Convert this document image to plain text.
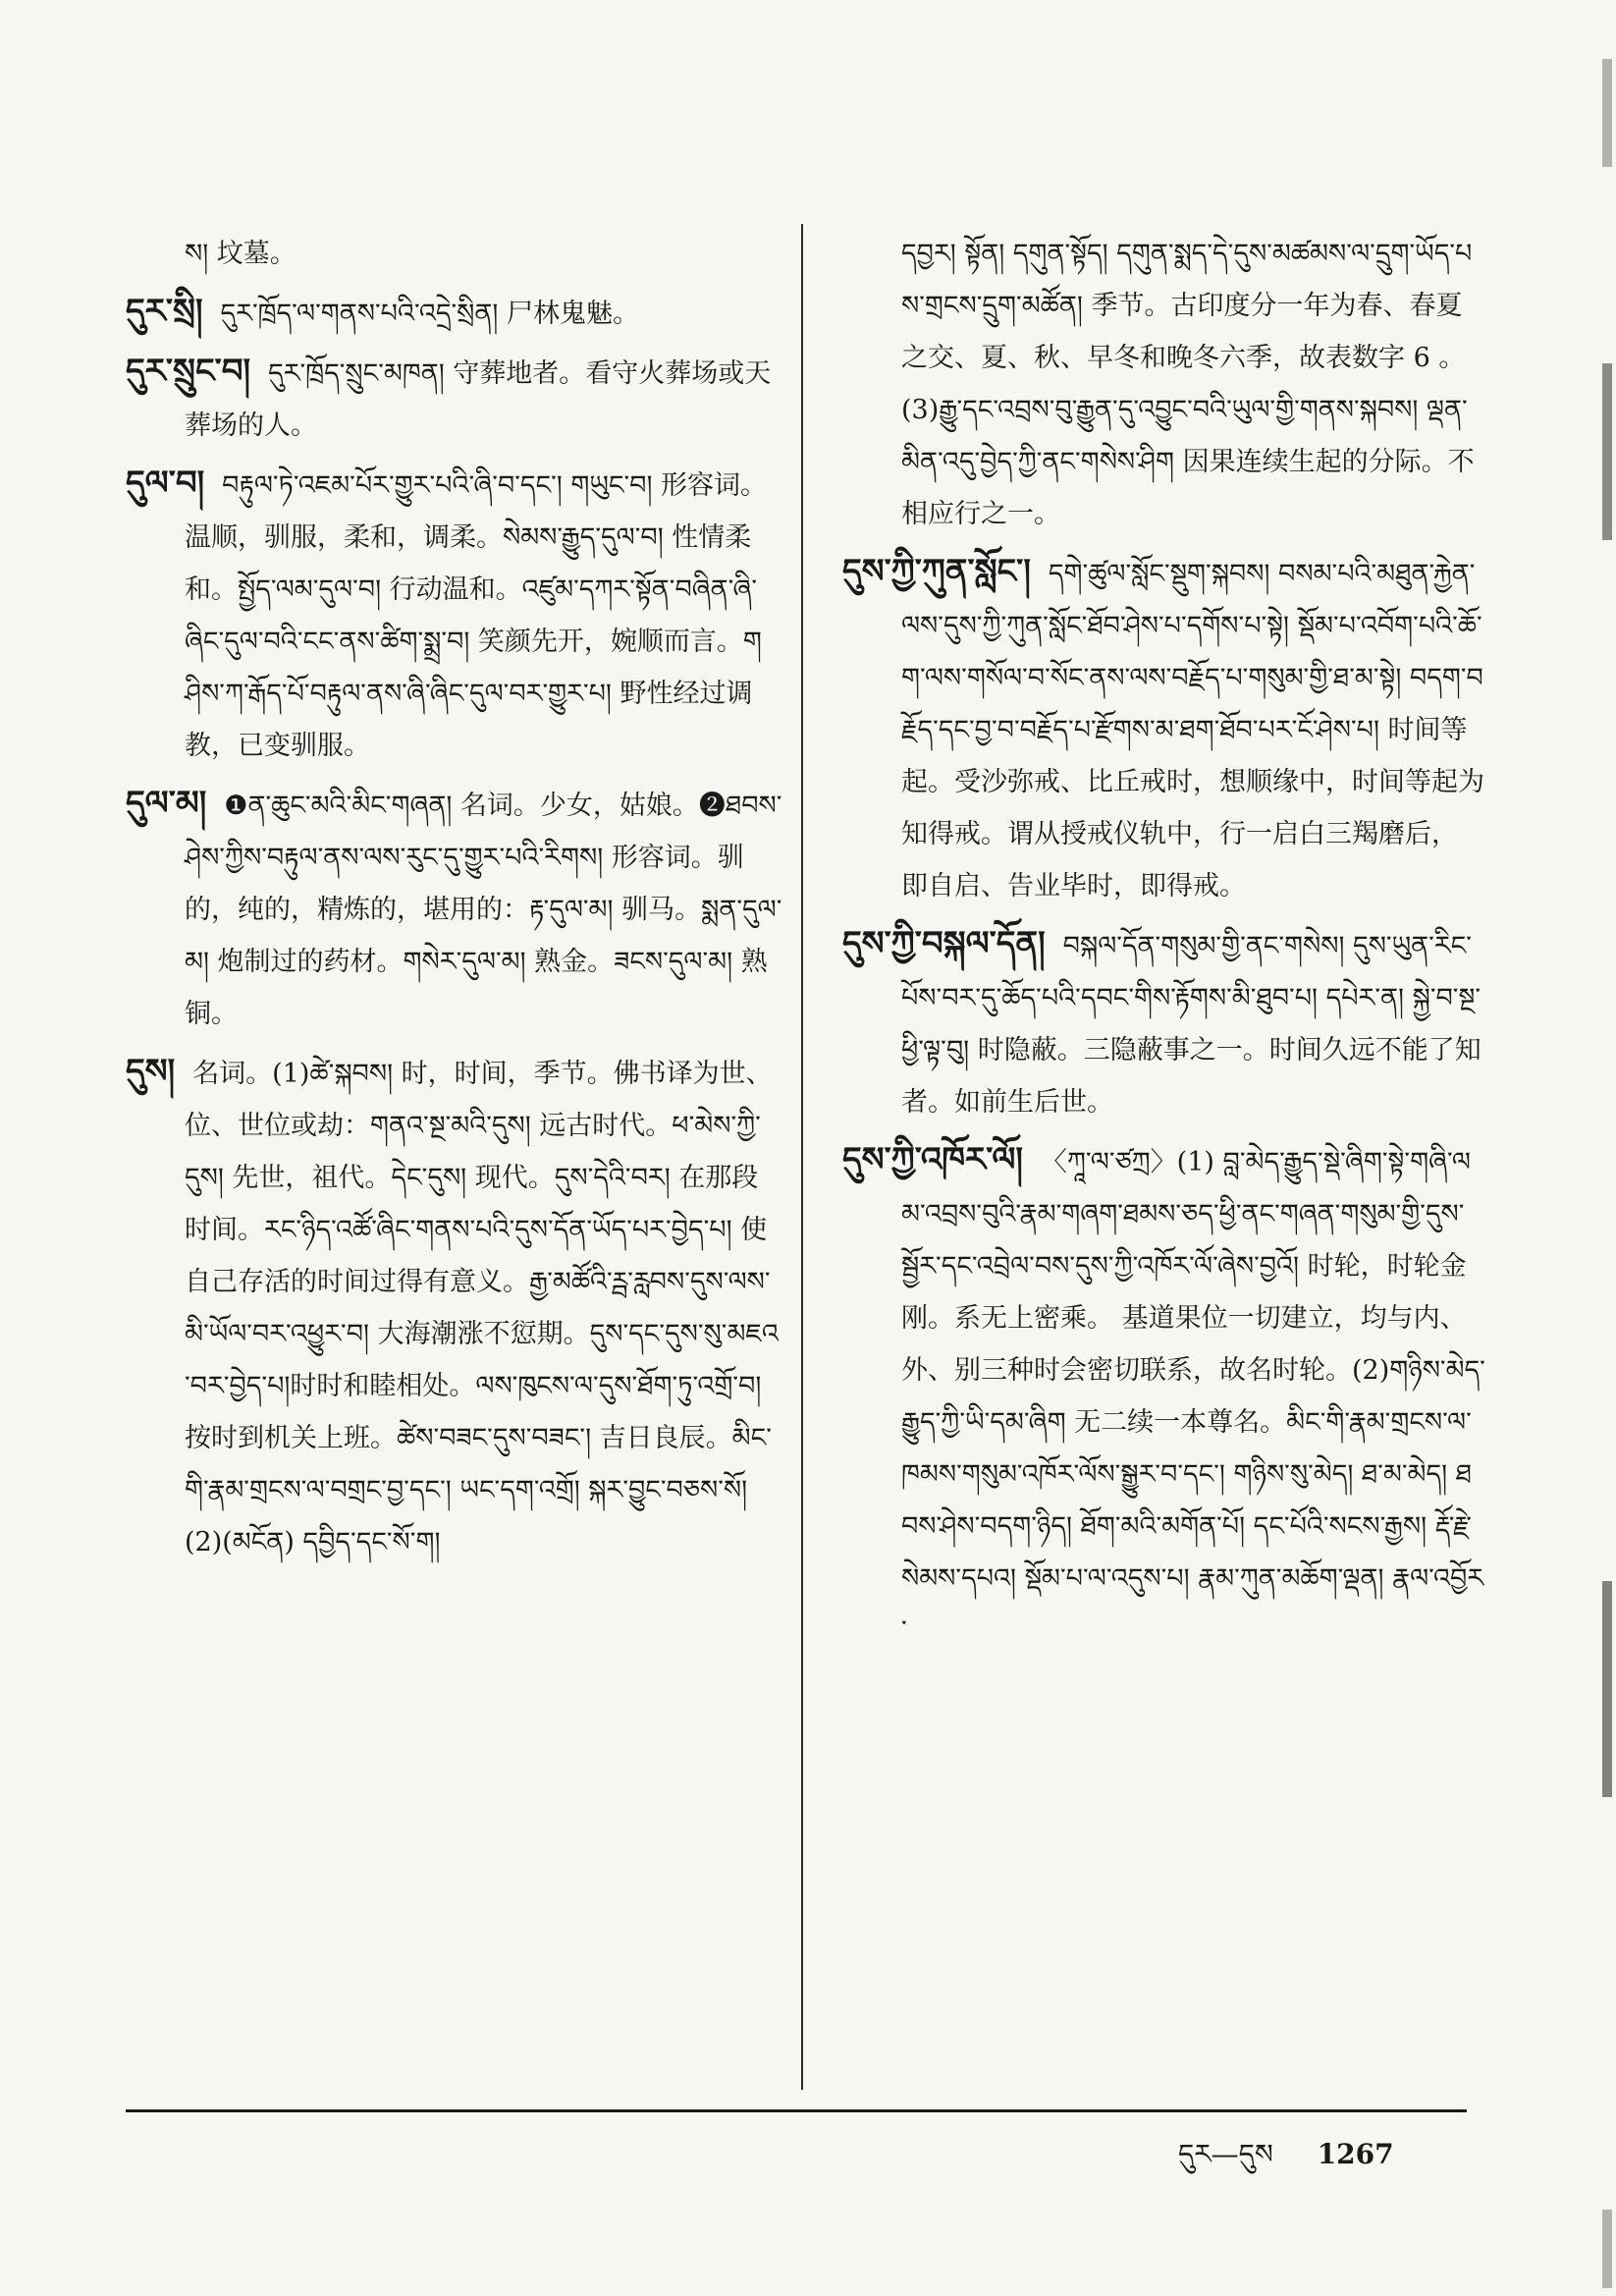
ས། 坟墓。
དུར་སྲི། དུར་ཁྲོད་ལ་གནས་པའི་འདྲེ་སྲིན། 尸林鬼魅。
དུར་སྲུང་བ། དུར་ཁྲོད་སྲུང་མཁན། 守葬地者。看守火葬场或天葬场的人。
དུལ་བ། བརྟུལ་ཏེ་འཇམ་པོར་གྱུར་པའི་ཞི་བ་དང་། གཡུང་བ། 形容词。温顺，驯服，柔和，调柔。སེམས་རྒྱུད་དུལ་བ། 性情柔和。སྤྱོད་ལམ་དུལ་བ། 行动温和。འཛུམ་དཀར་སྟོན་བཞིན་ཞི་ཞིང་དུལ་བའི་ངང་ནས་ཚིག་སྨྲ་བ། 笑颜先开，婉顺而言。གཤིས་ཀ་རྒོད་པོ་བརྟུལ་ནས་ཞི་ཞིང་དུལ་བར་གྱུར་པ། 野性经过调教，已变驯服。
དུལ་མ། ❶ན་ཆུང་མའི་མིང་གཞན། 名词。少女，姑娘。❷ཐབས་ཤེས་ཀྱིས་བརྟུལ་ནས་ལས་རུང་དུ་གྱུར་པའི་རིགས། 形容词。驯的，纯的，精炼的，堪用的：རྟ་དུལ་མ། 驯马。སྨན་དུལ་མ། 炮制过的药材。གསེར་དུལ་མ། 熟金。ཟངས་དུལ་མ། 熟铜。
དུས། 名词。(1)ཚེ་སྐབས། 时，时间，季节。佛书译为世、位、世位或劫：གནའ་སྔ་མའི་དུས། 远古时代。ཕ་མེས་ཀྱི་དུས། 先世，祖代。དེང་དུས། 现代。དུས་དེའི་བར། 在那段时间。རང་ཉིད་འཚོ་ཞིང་གནས་པའི་དུས་དོན་ཡོད་པར་བྱེད་པ། 使自己存活的时间过得有意义。རྒྱ་མཚོའི་ཪྦ་རླབས་དུས་ལས་མི་ཡོལ་བར་འཕྱུར་བ། 大海潮涨不愆期。དུས་དང་དུས་སུ་མཇའ་བར་བྱེད་པ།时时和睦相处。ལས་ཁུངས་ལ་དུས་ཐོག་ཏུ་འགྲོ་བ། 按时到机关上班。ཚེས་བཟང་དུས་བཟང་། 吉日良辰。མིང་གི་རྣམ་གྲངས་ལ་བགྲང་བྱ་དང་། ཡང་དག་འགྲོ། སྐར་བྱུང་བཅས་སོ། (2)(མངོན) དབྱིད་དང་སོ་ག།
དབྱར། སྟོན། དགུན་སྟོད། དགུན་སྨད་དེ་དུས་མཚམས་ལ་དྲུག་ཡོད་པས་གྲངས་དྲུག་མཚོན། 季节。古印度分一年为春、春夏之交、夏、秋、早冬和晚冬六季，故表数字 6 。 (3)རྒྱུ་དང་འབྲས་བུ་རྒྱུན་དུ་འབྱུང་བའི་ཡུལ་གྱི་གནས་སྐབས། ལྡན་མིན་འདུ་བྱེད་ཀྱི་ནང་གསེས་ཤིག 因果连续生起的分际。不相应行之一。
དུས་ཀྱི་ཀུན་སློང་། དགེ་ཚུལ་སློང་སྡུག་སྐབས། བསམ་པའི་མཐུན་རྐྱེན་ལས་དུས་ཀྱི་ཀུན་སློང་ཐོབ་ཤེས་པ་དགོས་པ་སྟེ། སྡོམ་པ་འབོག་པའི་ཆོ་ག་ལས་གསོལ་བ་སོང་ནས་ལས་བརྗོད་པ་གསུམ་གྱི་ཐ་མ་སྟེ། བདག་བརྗོད་དང་བྱ་བ་བརྗོད་པ་རྫོགས་མ་ཐག་ཐོབ་པར་ངོ་ཤེས་པ། 时间等起。受沙弥戒、比丘戒时，想顺缘中，时间等起为知得戒。谓从授戒仪轨中，行一启白三羯磨后， 即自启、告业毕时，即得戒。
དུས་ཀྱི་བསྐལ་དོན། བསྐལ་དོན་གསུམ་གྱི་ནང་གསེས། དུས་ཡུན་རིང་པོས་བར་དུ་ཆོད་པའི་དབང་གིས་རྟོགས་མི་ཐུབ་པ། དཔེར་ན། སྐྱེ་བ་སྔ་ཕྱི་ལྟ་བུ། 时隐蔽。三隐蔽事之一。时间久远不能了知者。如前生后世。
དུས་ཀྱི་འཁོར་ལོ། 〈ཀཱ་ལ་ཙཀྲ〉(1) བླ་མེད་རྒྱུད་སྡེ་ཞིག་སྟེ་གཞི་ལམ་འབྲས་བུའི་རྣམ་གཞག་ཐམས་ཅད་ཕྱི་ནང་གཞན་གསུམ་གྱི་དུས་སྦྱོར་དང་འབྲེལ་བས་དུས་ཀྱི་འཁོར་ལོ་ཞེས་བྱའོ། 时轮，时轮金刚。系无上密乘。 基道果位一切建立，均与内、外、别三种时会密切联系，故名时轮。(2)གཉིས་མེད་རྒྱུད་ཀྱི་ཡི་དམ་ཞིག 无二续一本尊名。མིང་གི་རྣམ་གྲངས་ལ་ཁམས་གསུམ་འཁོར་ལོས་སྒྱུར་བ་དང་། གཉིས་སུ་མེད། ཐ་མ་མེད། ཐབས་ཤེས་བདག་ཉིད། ཐོག་མའི་མགོན་པོ། དང་པོའི་སངས་རྒྱས། རྡོ་རྗེ་སེམས་དཔའ། སྡོམ་པ་ལ་འདུས་པ། རྣམ་ཀུན་མཆོག་ལྡན། རྣལ་འབྱོར་
དུར—དུས 1267
